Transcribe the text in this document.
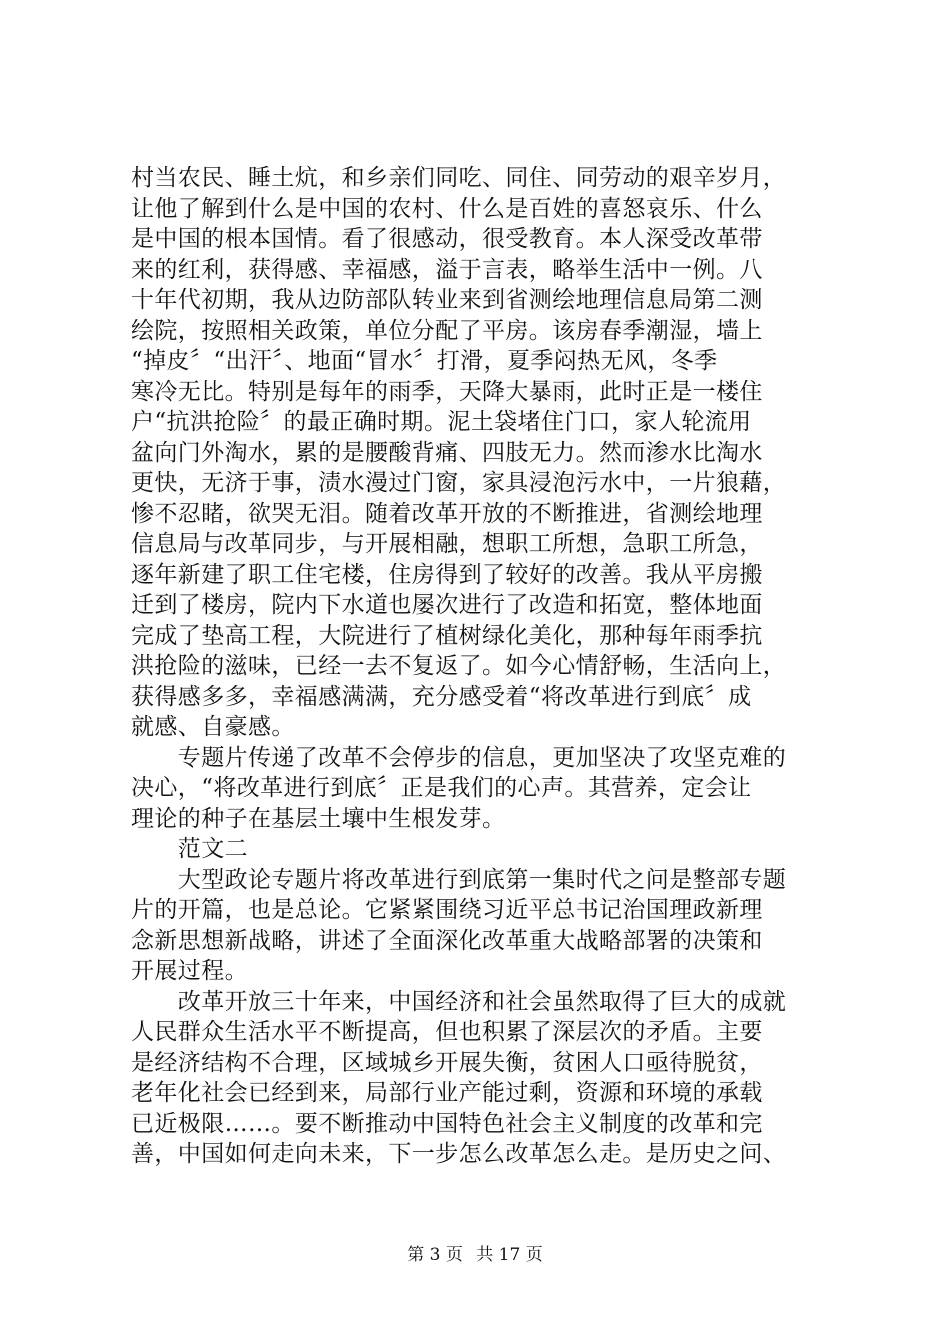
村当农民、睡土炕，和乡亲们同吃、同住、同劳动的艰辛岁月，
让他了解到什么是中国的农村、什么是百姓的喜怒哀乐、什么
是中国的根本国情。看了很感动，很受教育。本人深受改革带
来的红利，获得感、幸福感，溢于言表，略举生活中一例。八
十年代初期，我从边防部队转业来到省测绘地理信息局第二测
绘院，按照相关政策，单位分配了平房。该房春季潮湿，墙上
“掉皮〞“出汗〞、地面“冒水〞打滑，夏季闷热无风，冬季
寒冷无比。特别是每年的雨季，天降大暴雨，此时正是一楼住
户“抗洪抢险〞的最正确时期。泥土袋堵住门口，家人轮流用
盆向门外淘水，累的是腰酸背痛、四肢无力。然而渗水比淘水
更快，无济于事，渍水漫过门窗，家具浸泡污水中，一片狼藉，
惨不忍睹，欲哭无泪。随着改革开放的不断推进，省测绘地理
信息局与改革同步，与开展相融，想职工所想，急职工所急，
逐年新建了职工住宅楼，住房得到了较好的改善。我从平房搬
迁到了楼房，院内下水道也屡次进行了改造和拓宽，整体地面
完成了垫高工程，大院进行了植树绿化美化，那种每年雨季抗
洪抢险的滋味，已经一去不复返了。如今心情舒畅，生活向上，
获得感多多，幸福感满满，充分感受着“将改革进行到底〞成
就感、自豪感。
　　专题片传递了改革不会停步的信息，更加坚决了攻坚克难的
决心，“将改革进行到底〞正是我们的心声。其营养，定会让
理论的种子在基层土壤中生根发芽。
　　范文二
　　大型政论专题片将改革进行到底第一集时代之问是整部专题
片的开篇，也是总论。它紧紧围绕习近平总书记治国理政新理
念新思想新战略，讲述了全面深化改革重大战略部署的决策和
开展过程。
　　改革开放三十年来，中国经济和社会虽然取得了巨大的成就
人民群众生活水平不断提高，但也积累了深层次的矛盾。主要
是经济结构不合理，区域城乡开展失衡，贫困人口亟待脱贫，
老年化社会已经到来，局部行业产能过剩，资源和环境的承载
已近极限……。要不断推动中国特色社会主义制度的改革和完
善，中国如何走向未来，下一步怎么改革怎么走。是历史之问、
第 3 页 共 17 页
